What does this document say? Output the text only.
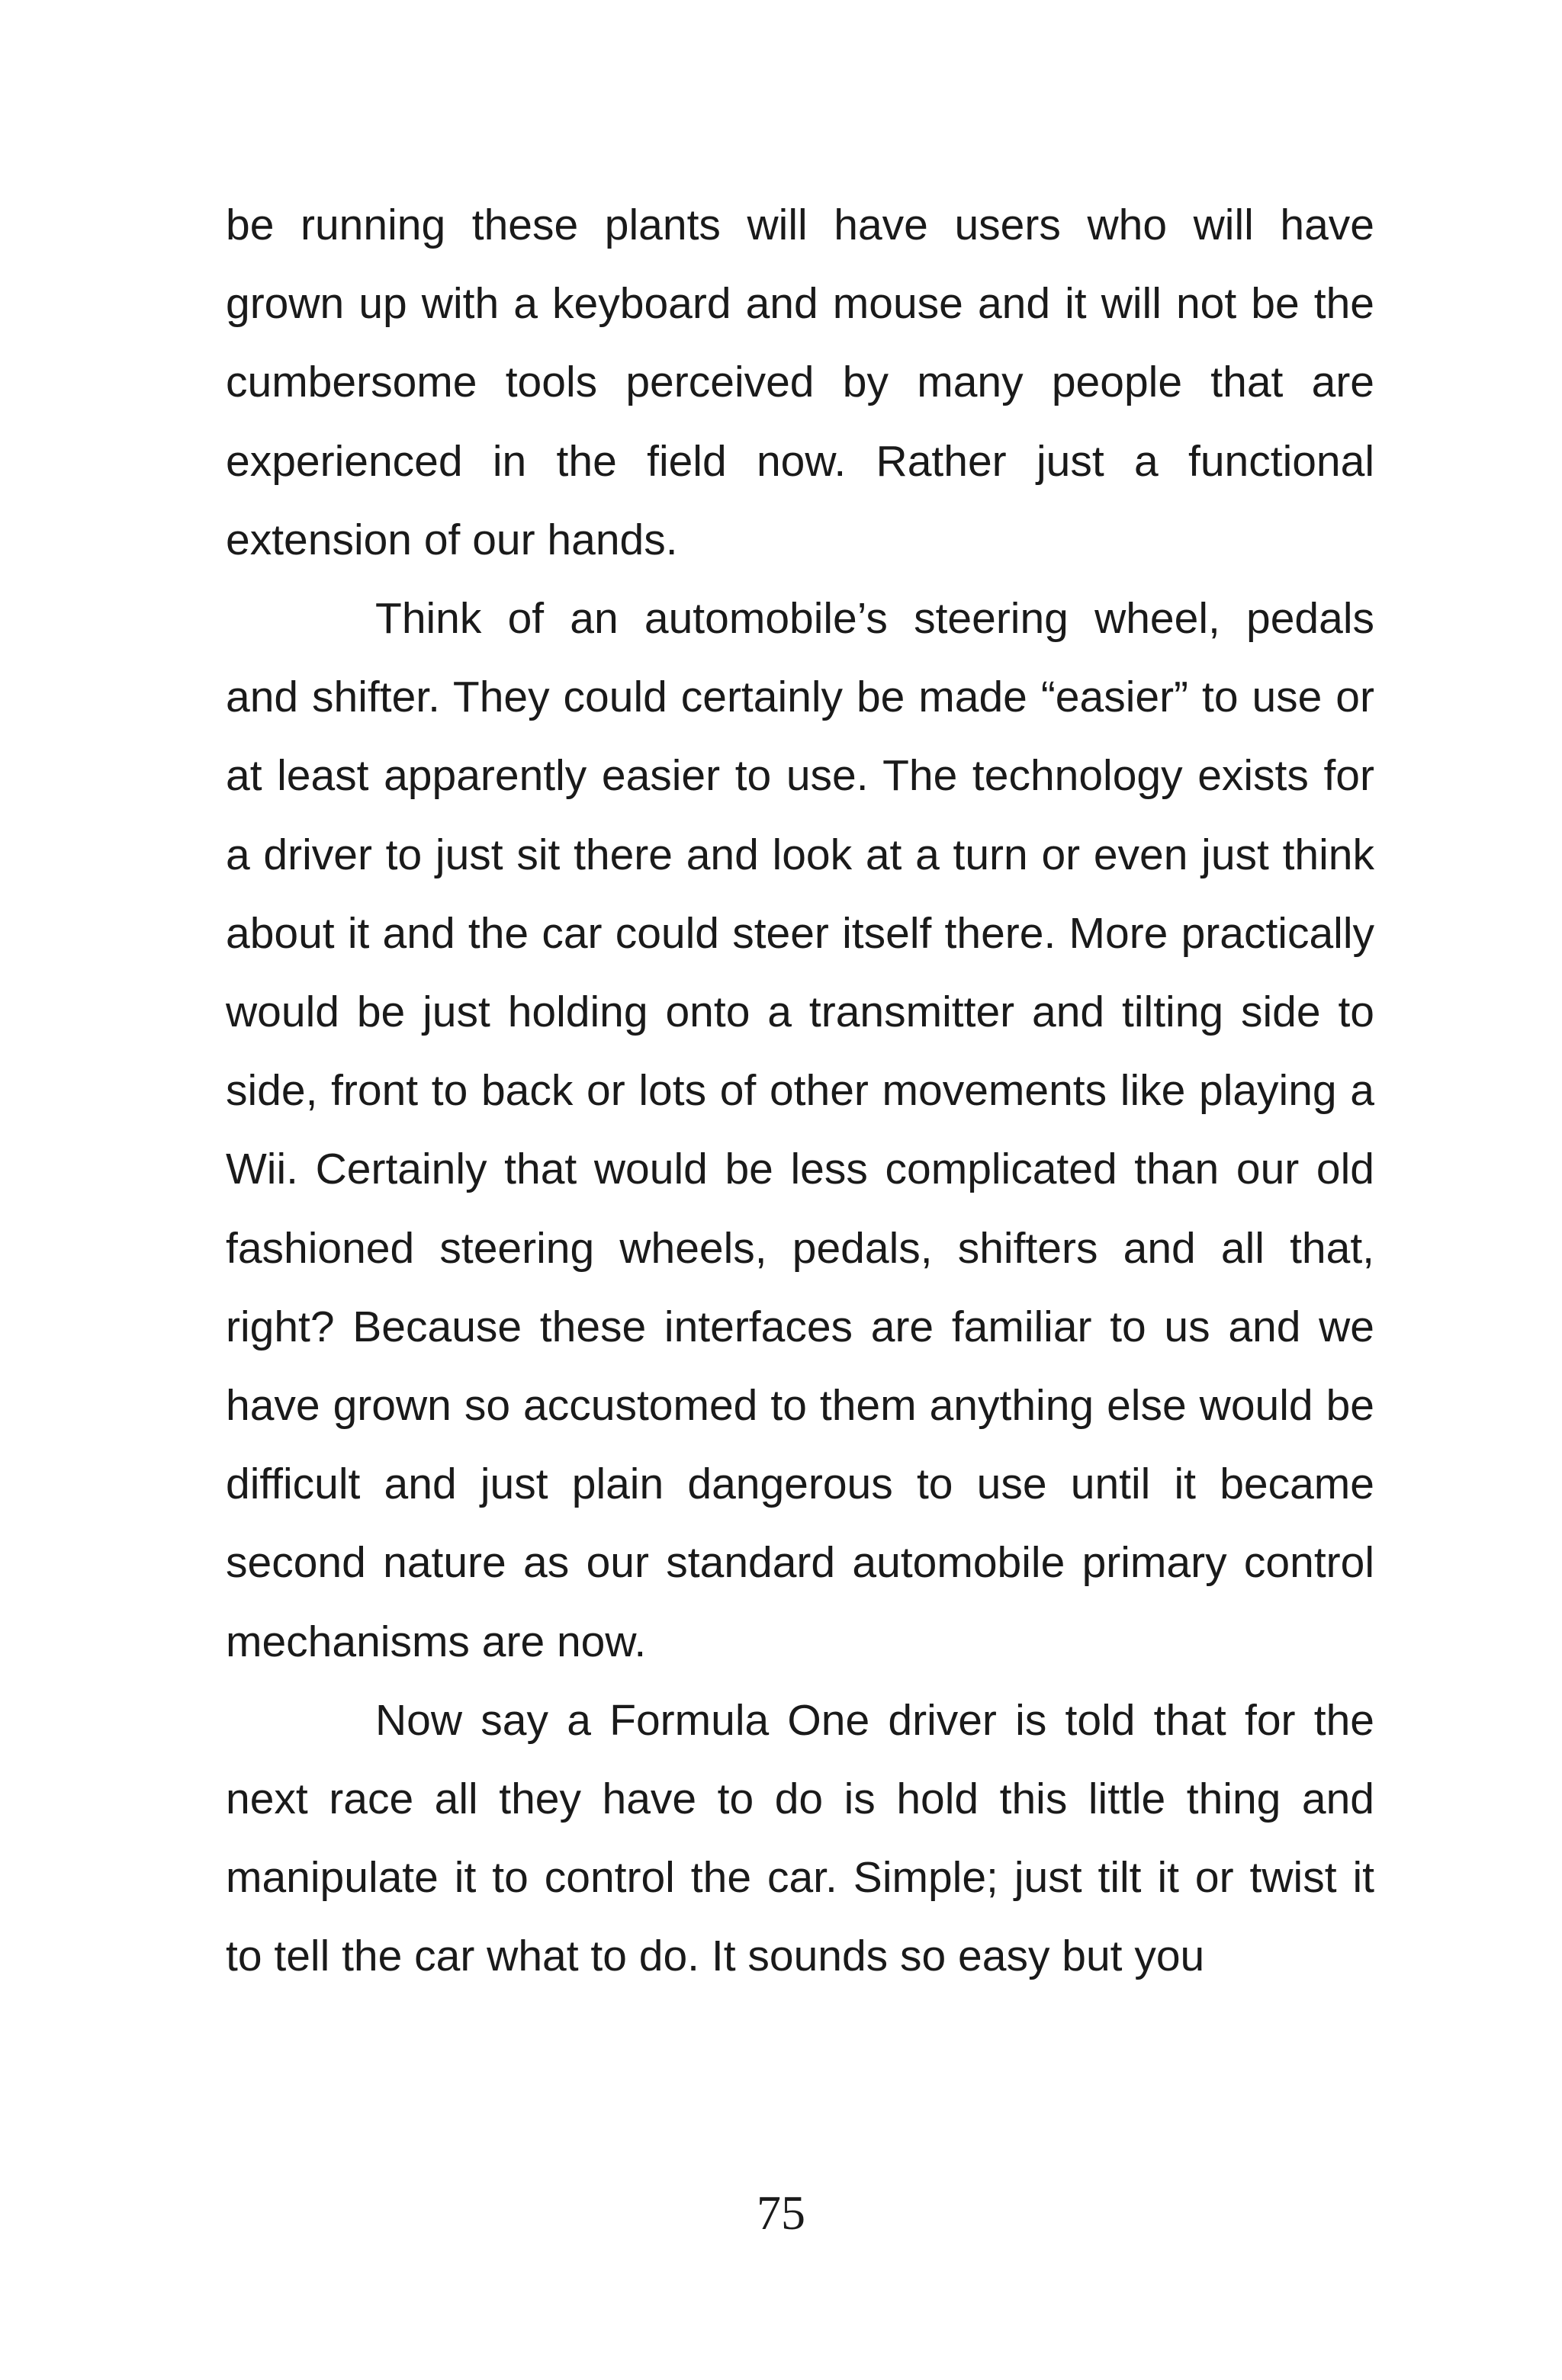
be running these plants will have users who will have grown up with a keyboard and mouse and it will not be the cumbersome tools perceived by many people that are experienced in the field now. Rather just a functional extension of our hands.

Think of an automobile’s steering wheel, pedals and shifter. They could certainly be made “easier” to use or at least apparently easier to use. The technology exists for a driver to just sit there and look at a turn or even just think about it and the car could steer itself there. More practically would be just holding onto a transmitter and tilting side to side, front to back or lots of other movements like playing a Wii. Certainly that would be less complicated than our old fashioned steering wheels, pedals, shifters and all that, right? Because these interfaces are familiar to us and we have grown so accustomed to them anything else would be difficult and just plain dangerous to use until it became second nature as our standard automobile primary control mechanisms are now.

Now say a Formula One driver is told that for the next race all they have to do is hold this little thing and manipulate it to control the car. Simple; just tilt it or twist it to tell the car what to do. It sounds so easy but you

75
